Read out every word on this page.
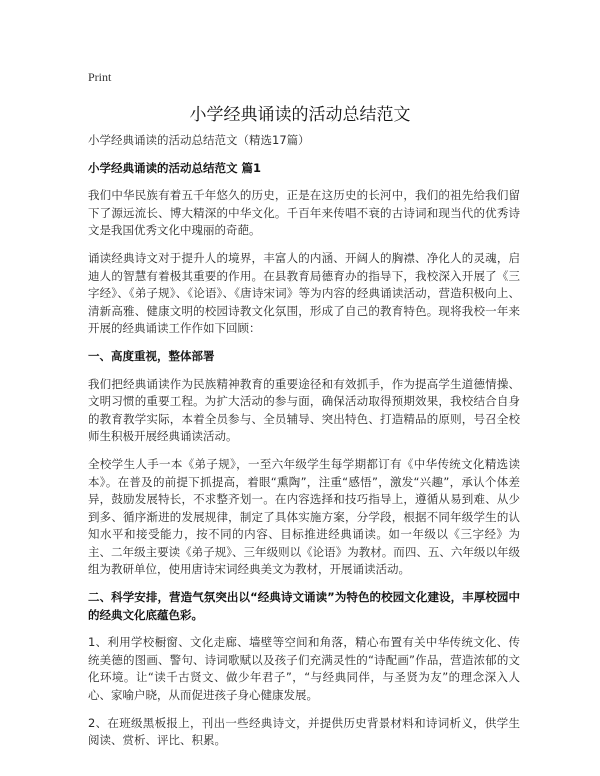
Print
小学经典诵读的活动总结范文

小学经典诵读的活动总结范文（精选17篇）

小学经典诵读的活动总结范文 篇1

我们中华民族有着五千年悠久的历史，正是在这历史的长河中，我们的祖先给我们留下了源远流长、博大精深的中华文化。千百年来传唱不衰的古诗词和现当代的优秀诗文是我国优秀文化中瑰丽的奇葩。

诵读经典诗文对于提升人的境界，丰富人的内涵、开阔人的胸襟、净化人的灵魂，启迪人的智慧有着极其重要的作用。在县教育局德育办的指导下，我校深入开展了《三字经》、《弟子规》、《论语》、《唐诗宋词》等为内容的经典诵读活动，营造积极向上、清新高雅、健康文明的校园诗教文化氛围，形成了自己的教育特色。现将我校一年来开展的经典诵读工作作如下回顾：

一、高度重视，整体部署

我们把经典诵读作为民族精神教育的重要途径和有效抓手，作为提高学生道德情操、文明习惯的重要工程。为扩大活动的参与面，确保活动取得预期效果，我校结合自身的教育教学实际，本着全员参与、全员辅导、突出特色、打造精品的原则，号召全校师生积极开展经典诵读活动。

全校学生人手一本《弟子规》，一至六年级学生每学期都订有《中华传统文化精选读本》。在普及的前提下抓提高，着眼“熏陶”，注重“感悟”，激发“兴趣”，承认个体差异，鼓励发展特长，不求整齐划一。在内容选择和技巧指导上，遵循从易到难、从少到多、循序渐进的发展规律，制定了具体实施方案，分学段，根据不同年级学生的认知水平和接受能力，按不同的内容、目标推进经典诵读。如一年级以《三字经》为主、二年级主要读《弟子规》、三年级则以《论语》为教材。而四、五、六年级以年级组为教研单位，使用唐诗宋词经典美文为教材，开展诵读活动。

二、科学安排，营造气氛突出以“经典诗文诵读”为特色的校园文化建设，丰厚校园中的经典文化底蕴色彩。

1、利用学校橱窗、文化走廊、墙壁等空间和角落，精心布置有关中华传统文化、传统美德的图画、警句、诗词歌赋以及孩子们充满灵性的“诗配画”作品，营造浓郁的文化环境。让“读千古贤文、做少年君子”，“与经典同伴，与圣贤为友”的理念深入人心、家喻户晓，从而促进孩子身心健康发展。

2、在班级黑板报上，刊出一些经典诗文，并提供历史背景材料和诗词析义，供学生阅读、赏析、评比、积累。
